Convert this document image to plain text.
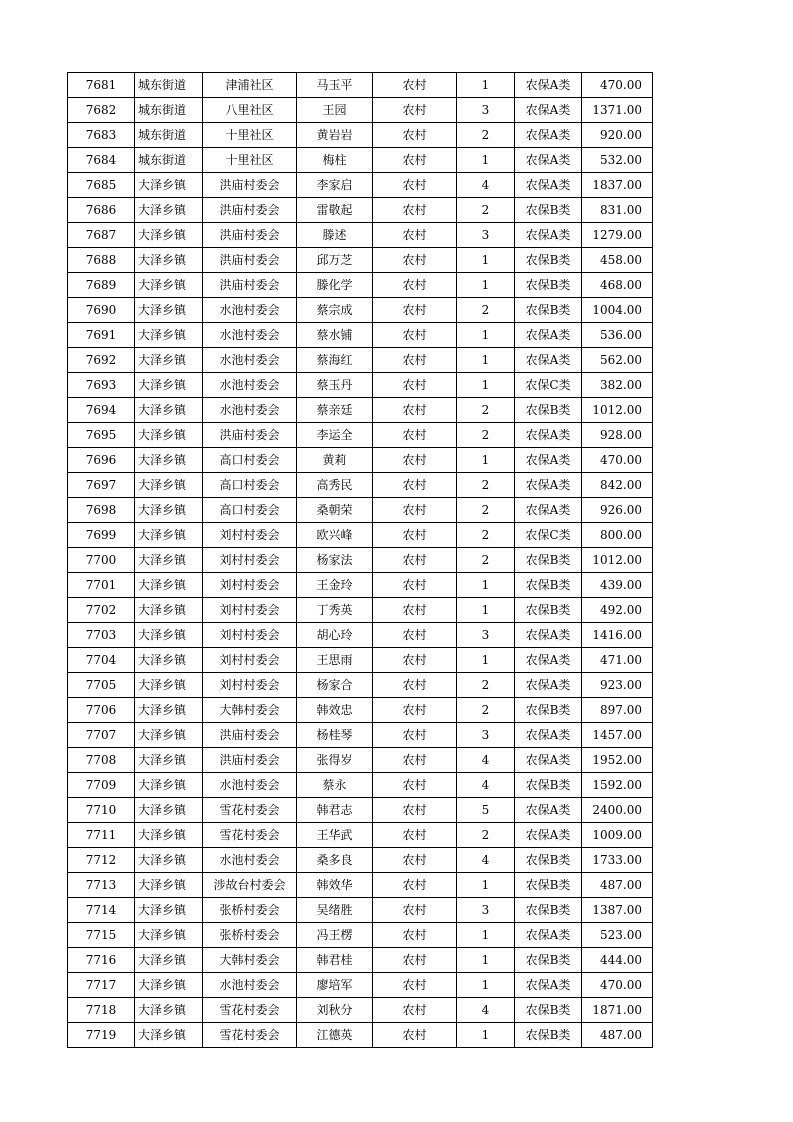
7681	城东街道	津浦社区	马玉平	农村	1	农保A类	470.00
7682	城东街道	八里社区	王园	农村	3	农保A类	1371.00
7683	城东街道	十里社区	黄岩岩	农村	2	农保A类	920.00
7684	城东街道	十里社区	梅柱	农村	1	农保A类	532.00
7685	大泽乡镇	洪庙村委会	李家启	农村	4	农保A类	1837.00
7686	大泽乡镇	洪庙村委会	雷敬起	农村	2	农保B类	831.00
7687	大泽乡镇	洪庙村委会	滕述	农村	3	农保A类	1279.00
7688	大泽乡镇	洪庙村委会	邱万芝	农村	1	农保B类	458.00
7689	大泽乡镇	洪庙村委会	滕化学	农村	1	农保B类	468.00
7690	大泽乡镇	水池村委会	蔡宗成	农村	2	农保B类	1004.00
7691	大泽乡镇	水池村委会	蔡水铺	农村	1	农保A类	536.00
7692	大泽乡镇	水池村委会	蔡海红	农村	1	农保A类	562.00
7693	大泽乡镇	水池村委会	蔡玉丹	农村	1	农保C类	382.00
7694	大泽乡镇	水池村委会	蔡亲廷	农村	2	农保B类	1012.00
7695	大泽乡镇	洪庙村委会	李运全	农村	2	农保A类	928.00
7696	大泽乡镇	高口村委会	黄莉	农村	1	农保A类	470.00
7697	大泽乡镇	高口村委会	高秀民	农村	2	农保A类	842.00
7698	大泽乡镇	高口村委会	桑朝荣	农村	2	农保A类	926.00
7699	大泽乡镇	刘村村委会	欧兴峰	农村	2	农保C类	800.00
7700	大泽乡镇	刘村村委会	杨家法	农村	2	农保B类	1012.00
7701	大泽乡镇	刘村村委会	王金玲	农村	1	农保B类	439.00
7702	大泽乡镇	刘村村委会	丁秀英	农村	1	农保B类	492.00
7703	大泽乡镇	刘村村委会	胡心玲	农村	3	农保A类	1416.00
7704	大泽乡镇	刘村村委会	王思雨	农村	1	农保A类	471.00
7705	大泽乡镇	刘村村委会	杨家合	农村	2	农保A类	923.00
7706	大泽乡镇	大韩村委会	韩效忠	农村	2	农保B类	897.00
7707	大泽乡镇	洪庙村委会	杨桂琴	农村	3	农保A类	1457.00
7708	大泽乡镇	洪庙村委会	张得岁	农村	4	农保A类	1952.00
7709	大泽乡镇	水池村委会	蔡永	农村	4	农保B类	1592.00
7710	大泽乡镇	雪花村委会	韩君志	农村	5	农保A类	2400.00
7711	大泽乡镇	雪花村委会	王华武	农村	2	农保A类	1009.00
7712	大泽乡镇	水池村委会	桑多良	农村	4	农保B类	1733.00
7713	大泽乡镇	涉故台村委会	韩效华	农村	1	农保B类	487.00
7714	大泽乡镇	张桥村委会	吴绪胜	农村	3	农保B类	1387.00
7715	大泽乡镇	张桥村委会	冯王楞	农村	1	农保A类	523.00
7716	大泽乡镇	大韩村委会	韩君桂	农村	1	农保B类	444.00
7717	大泽乡镇	水池村委会	廖培军	农村	1	农保A类	470.00
7718	大泽乡镇	雪花村委会	刘秋分	农村	4	农保B类	1871.00
7719	大泽乡镇	雪花村委会	江德英	农村	1	农保B类	487.00
